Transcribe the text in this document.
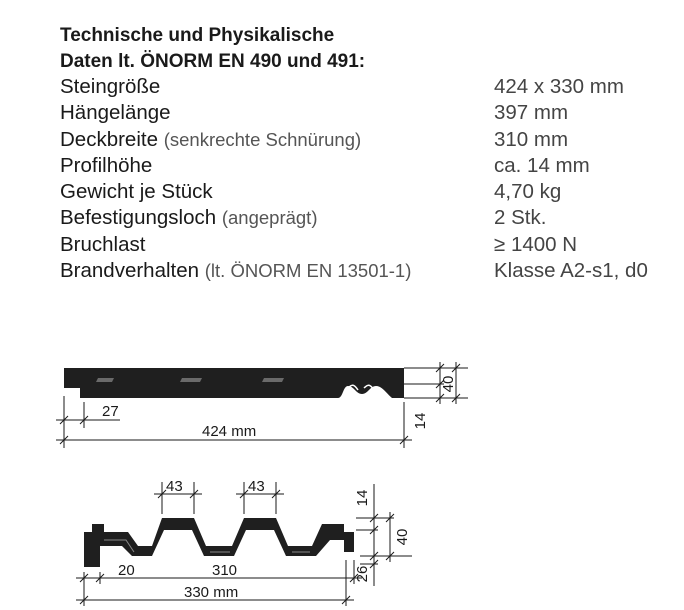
Technische und Physikalische
Daten lt. ÖNORM EN 490 und 491:
Steingröße	424 x 330 mm
Hängelänge	397 mm
Deckbreite (senkrechte Schnürung)	310 mm
Profilhöhe	ca. 14 mm
Gewicht je Stück	4,70 kg
Befestigungsloch (angeprägt)	2 Stk.
Bruchlast	≥ 1400 N
Brandverhalten (lt. ÖNORM EN 13501-1)	Klasse A2-s1, d0
27
424 mm
40
14
43	43
20	310
330 mm
14
40
26
